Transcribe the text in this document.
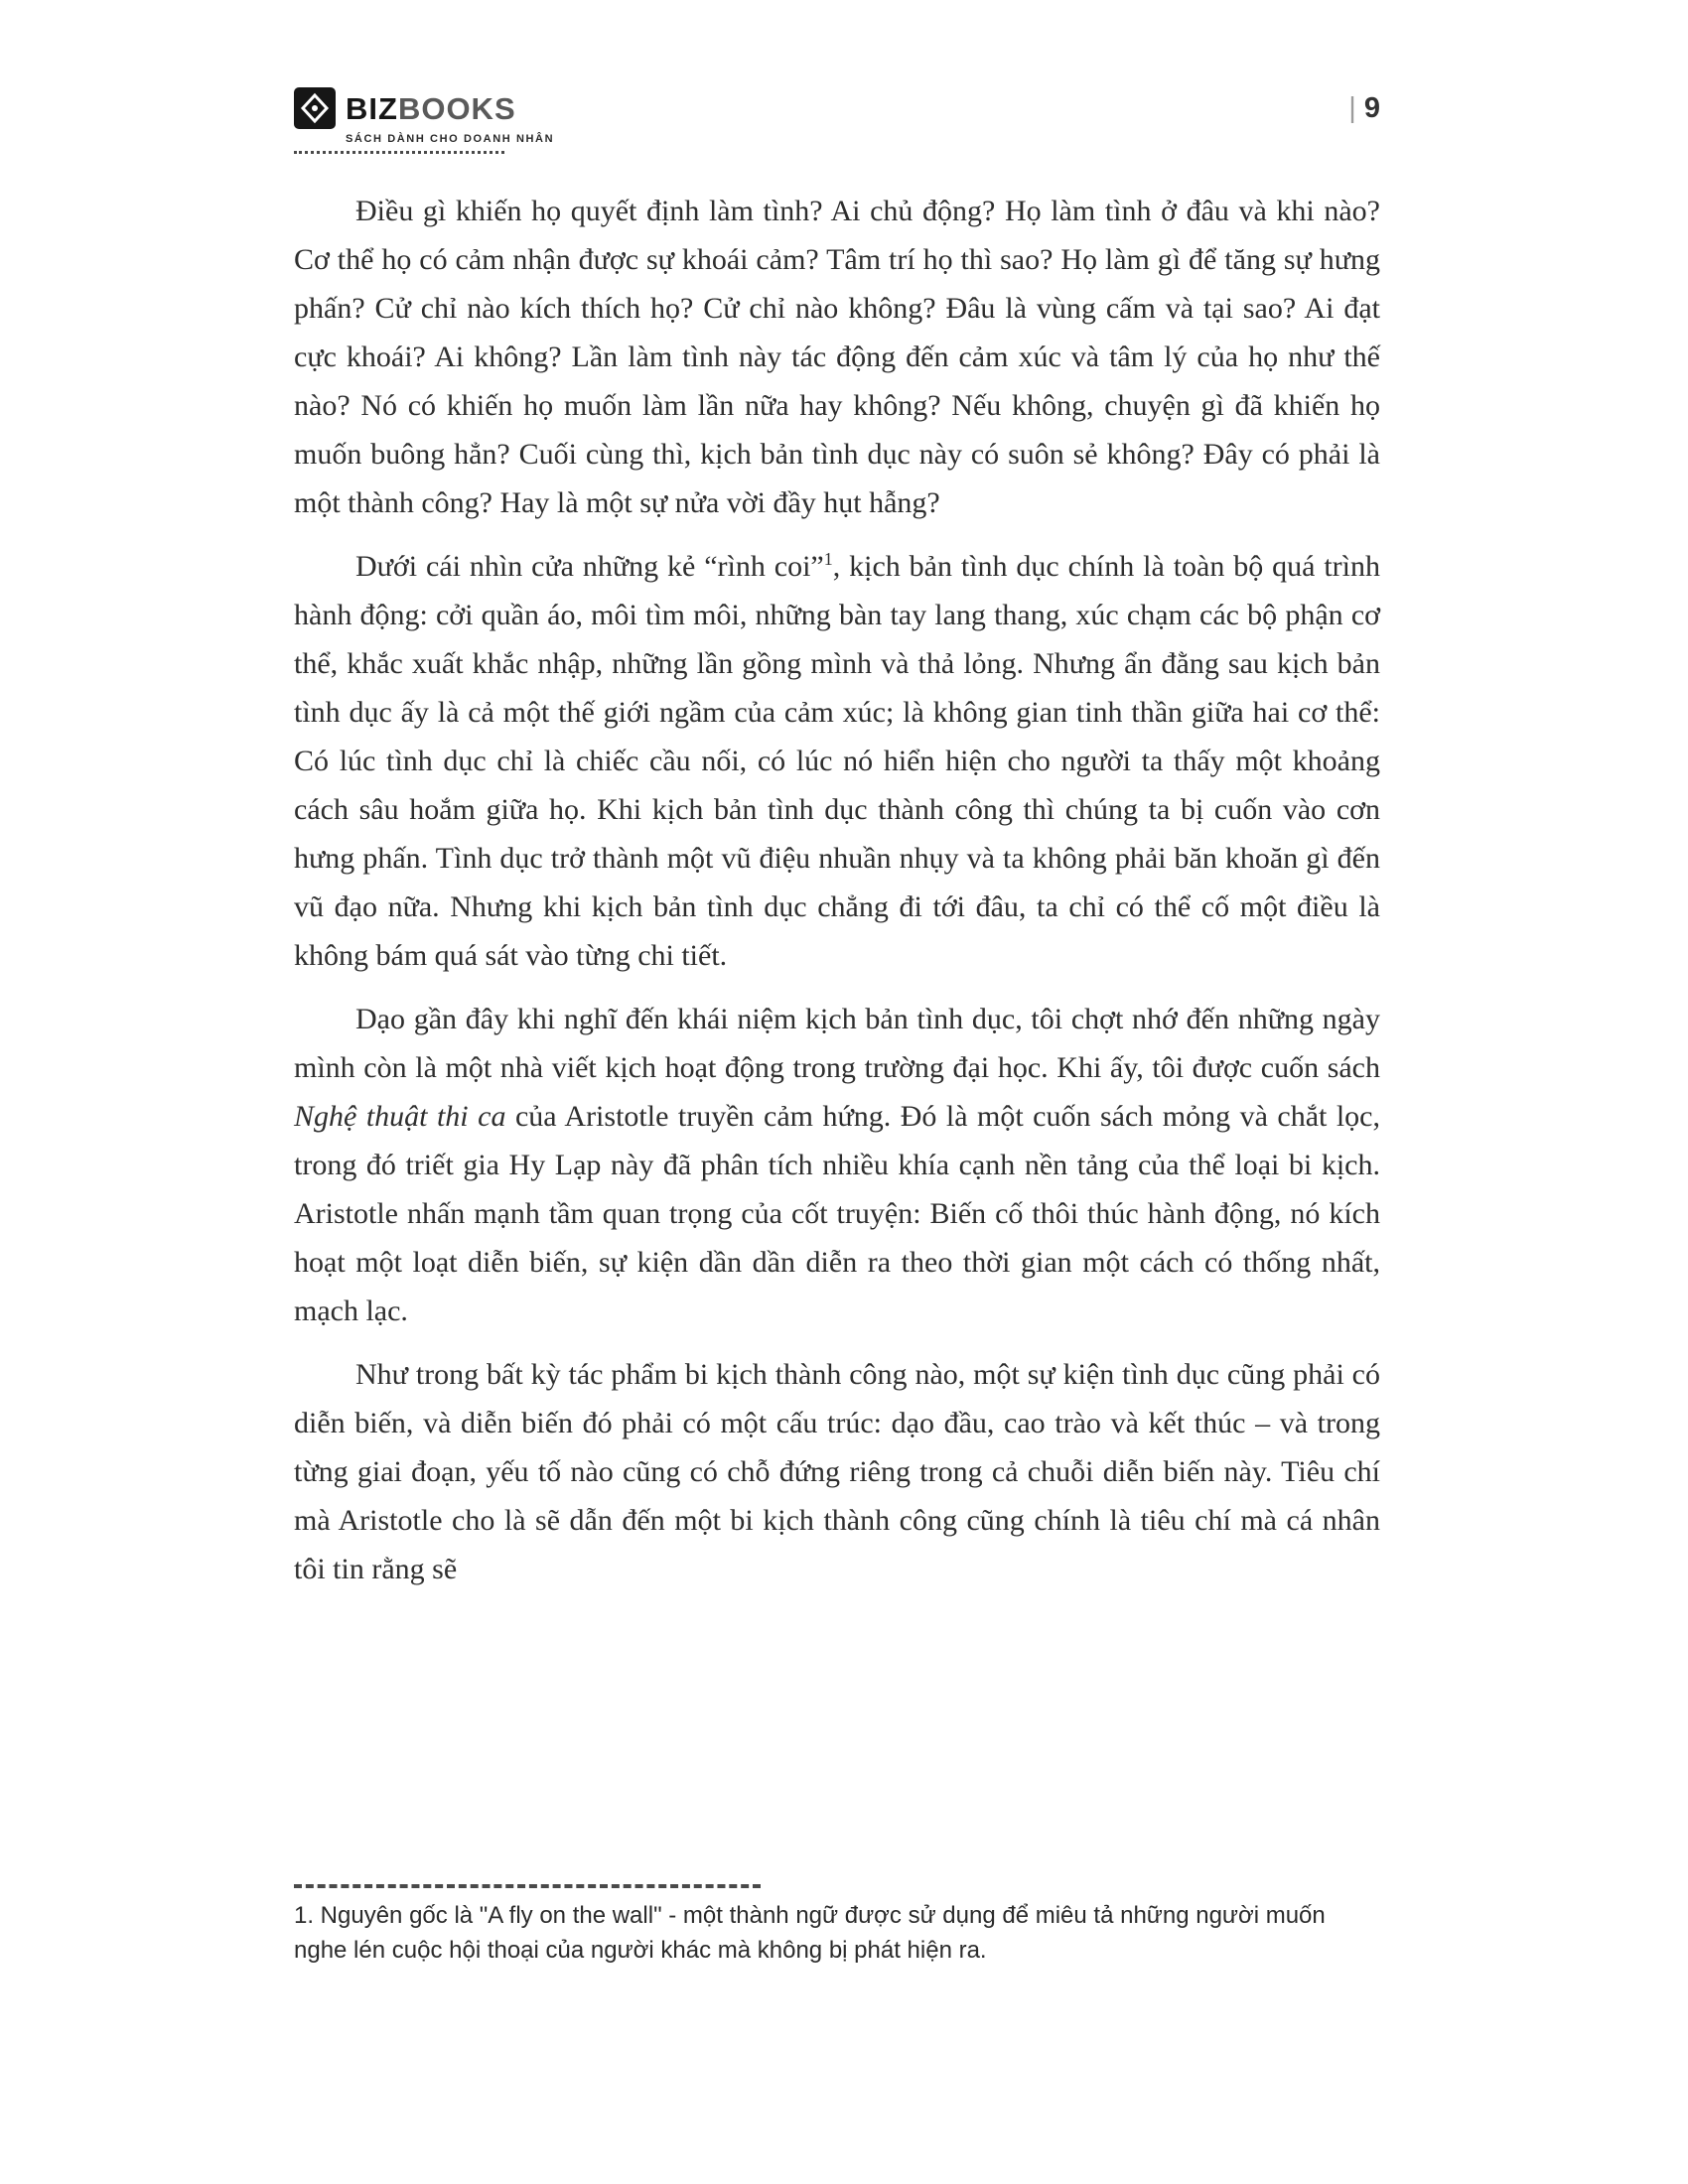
BIZBOOKS
SÁCH DÀNH CHO DOANH NHÂN
| 9

Điều gì khiến họ quyết định làm tình? Ai chủ động? Họ làm tình ở đâu và khi nào? Cơ thể họ có cảm nhận được sự khoái cảm? Tâm trí họ thì sao? Họ làm gì để tăng sự hưng phấn? Cử chỉ nào kích thích họ? Cử chỉ nào không? Đâu là vùng cấm và tại sao? Ai đạt cực khoái? Ai không? Lần làm tình này tác động đến cảm xúc và tâm lý của họ như thế nào? Nó có khiến họ muốn làm lần nữa hay không? Nếu không, chuyện gì đã khiến họ muốn buông hẳn? Cuối cùng thì, kịch bản tình dục này có suôn sẻ không? Đây có phải là một thành công? Hay là một sự nửa vời đầy hụt hẫng?

Dưới cái nhìn cửa những kẻ “rình coi”$^1$, kịch bản tình dục chính là toàn bộ quá trình hành động: cởi quần áo, môi tìm môi, những bàn tay lang thang, xúc chạm các bộ phận cơ thể, khắc xuất khắc nhập, những lần gồng mình và thả lỏng. Nhưng ẩn đằng sau kịch bản tình dục ấy là cả một thế giới ngầm của cảm xúc; là không gian tinh thần giữa hai cơ thể: Có lúc tình dục chỉ là chiếc cầu nối, có lúc nó hiển hiện cho người ta thấy một khoảng cách sâu hoắm giữa họ. Khi kịch bản tình dục thành công thì chúng ta bị cuốn vào cơn hưng phấn. Tình dục trở thành một vũ điệu nhuần nhụy và ta không phải băn khoăn gì đến vũ đạo nữa. Nhưng khi kịch bản tình dục chẳng đi tới đâu, ta chỉ có thể cố một điều là không bám quá sát vào từng chi tiết.

Dạo gần đây khi nghĩ đến khái niệm kịch bản tình dục, tôi chợt nhớ đến những ngày mình còn là một nhà viết kịch hoạt động trong trường đại học. Khi ấy, tôi được cuốn sách Nghệ thuật thi ca của Aristotle truyền cảm hứng. Đó là một cuốn sách mỏng và chắt lọc, trong đó triết gia Hy Lạp này đã phân tích nhiều khía cạnh nền tảng của thể loại bi kịch. Aristotle nhấn mạnh tầm quan trọng của cốt truyện: Biến cố thôi thúc hành động, nó kích hoạt một loạt diễn biến, sự kiện dần dần diễn ra theo thời gian một cách có thống nhất, mạch lạc.

Như trong bất kỳ tác phẩm bi kịch thành công nào, một sự kiện tình dục cũng phải có diễn biến, và diễn biến đó phải có một cấu trúc: dạo đầu, cao trào và kết thúc – và trong từng giai đoạn, yếu tố nào cũng có chỗ đứng riêng trong cả chuỗi diễn biến này. Tiêu chí mà Aristotle cho là sẽ dẫn đến một bi kịch thành công cũng chính là tiêu chí mà cá nhân tôi tin rằng sẽ

1. Nguyên gốc là "A fly on the wall" - một thành ngữ được sử dụng để miêu tả những người muốn nghe lén cuộc hội thoại của người khác mà không bị phát hiện ra.
